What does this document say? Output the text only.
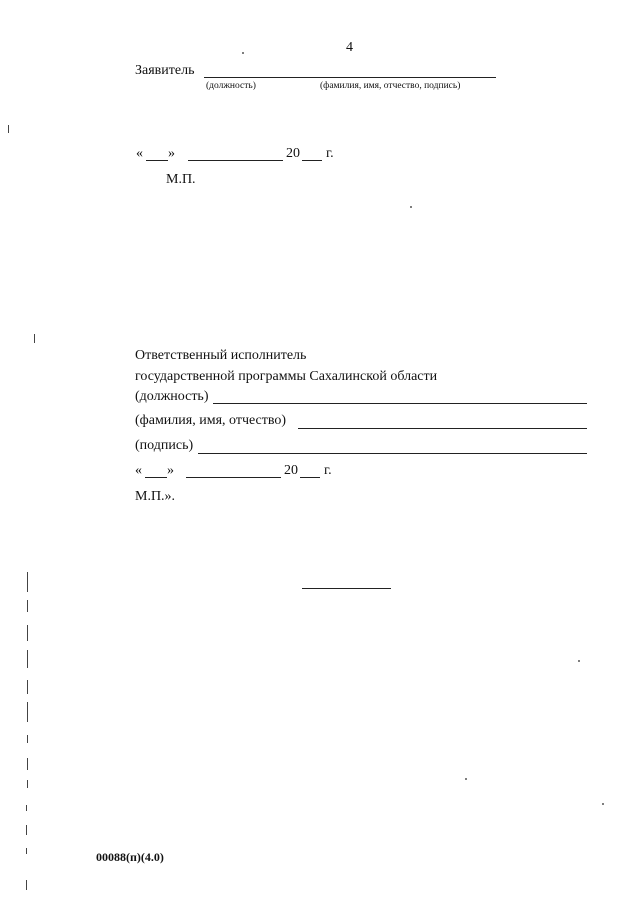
4
Заявитель
(должность)	(фамилия, имя, отчество, подпись)
« »	20 г.
М.П.
Ответственный исполнитель
государственной программы Сахалинской области
(должность)
(фамилия, имя, отчество)
(подпись)
« »	20 г.
М.П.».
00088(п)(4.0)
